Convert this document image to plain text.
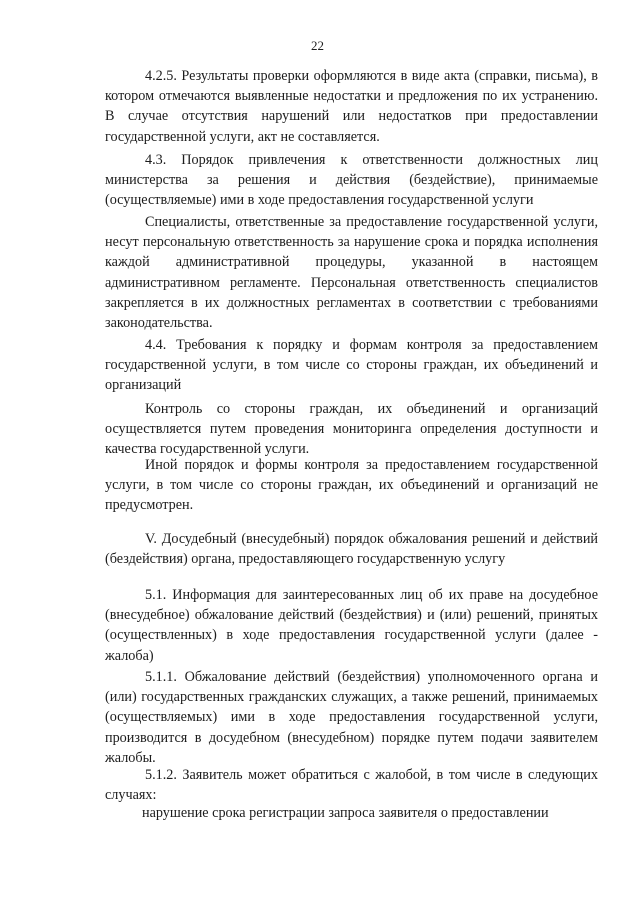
22

4.2.5. Результаты проверки оформляются в виде акта (справки, письма), в котором отмечаются выявленные недостатки и предложения по их устранению. В случае отсутствия нарушений или недостатков при предоставлении государственной услуги, акт не составляется.

4.3. Порядок привлечения к ответственности должностных лиц министерства за решения и действия (бездействие), принимаемые (осуществляемые) ими в ходе предоставления государственной услуги

Специалисты, ответственные за предоставление государственной услуги, несут персональную ответственность за нарушение срока и порядка исполнения каждой административной процедуры, указанной в настоящем административном регламенте. Персональная ответственность специалистов закрепляется в их должностных регламентах в соответствии с требованиями законодательства.

4.4. Требования к порядку и формам контроля за предоставлением государственной услуги, в том числе со стороны граждан, их объединений и организаций

Контроль со стороны граждан, их объединений и организаций осуществляется путем проведения мониторинга определения доступности и качества государственной услуги.

Иной порядок и формы контроля за предоставлением государственной услуги, в том числе со стороны граждан, их объединений и организаций не предусмотрен.

V. Досудебный (внесудебный) порядок обжалования решений и действий (бездействия) органа, предоставляющего государственную услугу

5.1. Информация для заинтересованных лиц об их праве на досудебное (внесудебное) обжалование действий (бездействия) и (или) решений, принятых (осуществленных) в ходе предоставления государственной услуги (далее - жалоба)

5.1.1. Обжалование действий (бездействия) уполномоченного органа и (или) государственных гражданских служащих, а также решений, принимаемых (осуществляемых) ими в ходе предоставления государственной услуги, производится в досудебном (внесудебном) порядке путем подачи заявителем жалобы.

5.1.2. Заявитель может обратиться с жалобой, в том числе в следующих случаях:

нарушение срока регистрации запроса заявителя о предоставлении
